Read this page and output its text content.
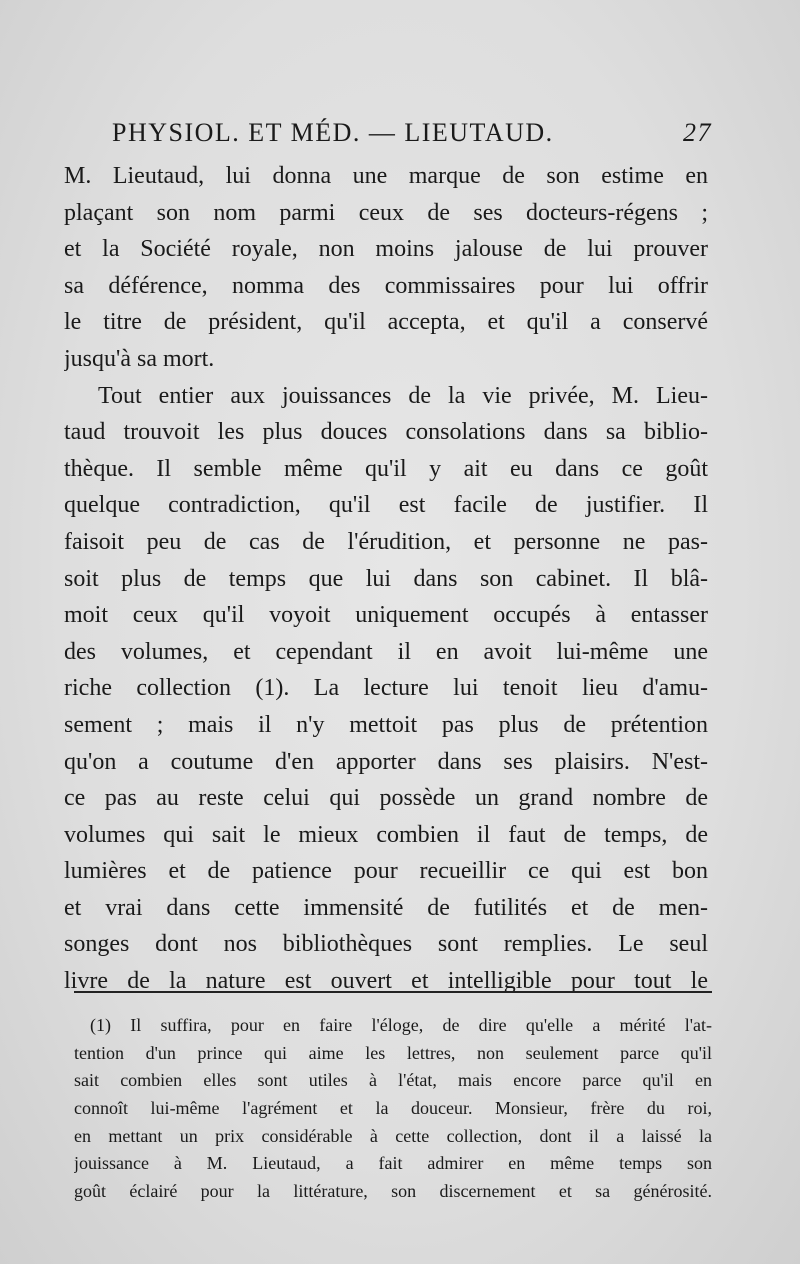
PHYSIOL. ET MÉD. — LIEUTAUD.	27
M. Lieutaud, lui donna une marque de son estime en
plaçant son nom parmi ceux de ses docteurs-régens ;
et la Société royale, non moins jalouse de lui prouver
sa déférence, nomma des commissaires pour lui offrir
le titre de président, qu'il accepta, et qu'il a conservé
jusqu'à sa mort.
Tout entier aux jouissances de la vie privée, M. Lieu-
taud trouvoit les plus douces consolations dans sa biblio-
thèque. Il semble même qu'il y ait eu dans ce goût
quelque contradiction, qu'il est facile de justifier. Il
faisoit peu de cas de l'érudition, et personne ne pas-
soit plus de temps que lui dans son cabinet. Il blâ-
moit ceux qu'il voyoit uniquement occupés à entasser
des volumes, et cependant il en avoit lui-même une
riche collection (1). La lecture lui tenoit lieu d'amu-
sement ; mais il n'y mettoit pas plus de prétention
qu'on a coutume d'en apporter dans ses plaisirs. N'est-
ce pas au reste celui qui possède un grand nombre de
volumes qui sait le mieux combien il faut de temps, de
lumières et de patience pour recueillir ce qui est bon
et vrai dans cette immensité de futilités et de men-
songes dont nos bibliothèques sont remplies. Le seul
livre de la nature est ouvert et intelligible pour tout le
(1) Il suffira, pour en faire l'éloge, de dire qu'elle a mérité l'at-
tention d'un prince qui aime les lettres, non seulement parce qu'il
sait combien elles sont utiles à l'état, mais encore parce qu'il en
connoît lui-même l'agrément et la douceur. Monsieur, frère du roi,
en mettant un prix considérable à cette collection, dont il a laissé la
jouissance à M. Lieutaud, a fait admirer en même temps son
goût éclairé pour la littérature, son discernement et sa générosité.
